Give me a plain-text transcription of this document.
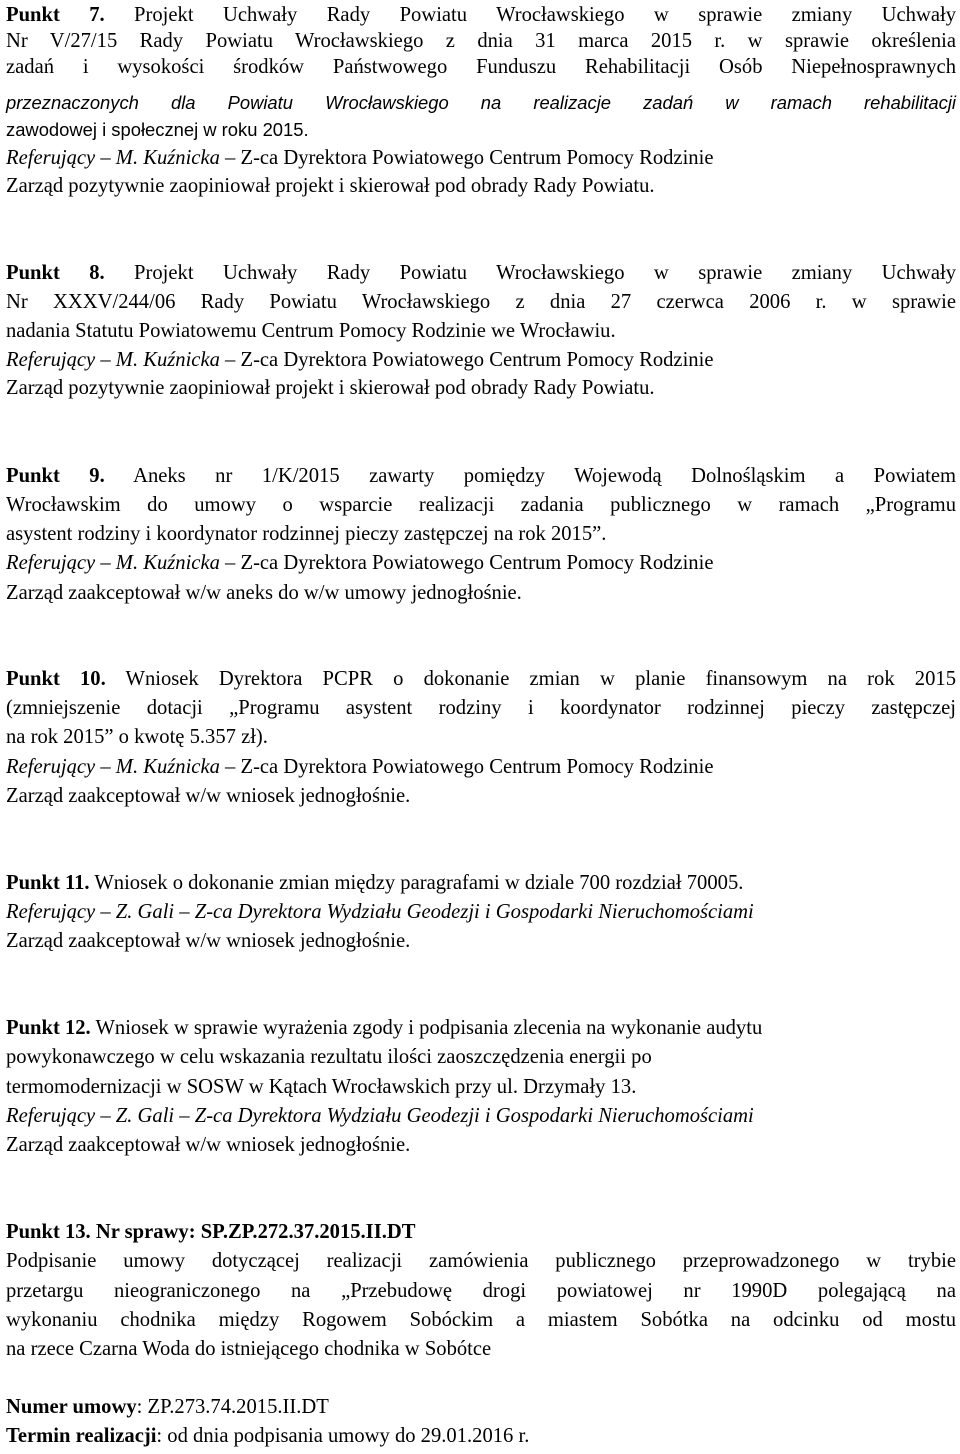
Punkt 7. Projekt Uchwały Rady Powiatu Wrocławskiego w sprawie zmiany Uchwały
Nr V/27/15 Rady Powiatu Wrocławskiego z dnia 31 marca 2015 r. w sprawie określenia
zadań i wysokości środków Państwowego Funduszu Rehabilitacji Osób Niepełnosprawnych
przeznaczonych dla Powiatu Wrocławskiego na realizacje zadań w ramach rehabilitacji
zawodowej i społecznej w roku 2015.
Referujący – M. Kuźnicka – Z-ca Dyrektora Powiatowego Centrum Pomocy Rodzinie
Zarząd pozytywnie zaopiniował projekt i skierował pod obrady Rady Powiatu.
Punkt 8. Projekt Uchwały Rady Powiatu Wrocławskiego w sprawie zmiany Uchwały
Nr XXXV/244/06 Rady Powiatu Wrocławskiego z dnia 27 czerwca 2006 r. w sprawie
nadania Statutu Powiatowemu Centrum Pomocy Rodzinie we Wrocławiu.
Referujący – M. Kuźnicka – Z-ca Dyrektora Powiatowego Centrum Pomocy Rodzinie
Zarząd pozytywnie zaopiniował projekt i skierował pod obrady Rady Powiatu.
Punkt 9. Aneks nr 1/K/2015 zawarty pomiędzy Wojewodą Dolnośląskim a Powiatem
Wrocławskim do umowy o wsparcie realizacji zadania publicznego w ramach „Programu
asystent rodziny i koordynator rodzinnej pieczy zastępczej na rok 2015”.
Referujący – M. Kuźnicka – Z-ca Dyrektora Powiatowego Centrum Pomocy Rodzinie
Zarząd zaakceptował w/w aneks do w/w umowy jednogłośnie.
Punkt 10. Wniosek Dyrektora PCPR o dokonanie zmian w planie finansowym na rok 2015
(zmniejszenie dotacji „Programu asystent rodziny i koordynator rodzinnej pieczy zastępczej
na rok 2015” o kwotę 5.357 zł).
Referujący – M. Kuźnicka – Z-ca Dyrektora Powiatowego Centrum Pomocy Rodzinie
Zarząd zaakceptował w/w wniosek jednogłośnie.
Punkt 11. Wniosek o dokonanie zmian między paragrafami w dziale 700 rozdział 70005.
Referujący – Z. Gali – Z-ca Dyrektora Wydziału Geodezji i Gospodarki Nieruchomościami
Zarząd zaakceptował w/w wniosek jednogłośnie.
Punkt 12. Wniosek w sprawie wyrażenia zgody i podpisania zlecenia na wykonanie audytu
powykonawczego w celu wskazania rezultatu ilości zaoszczędzenia energii po
termomodernizacji w SOSW w Kątach Wrocławskich przy ul. Drzymały 13.
Referujący – Z. Gali – Z-ca Dyrektora Wydziału Geodezji i Gospodarki Nieruchomościami
Zarząd zaakceptował w/w wniosek jednogłośnie.
Punkt 13. Nr sprawy: SP.ZP.272.37.2015.II.DT
Podpisanie umowy dotyczącej realizacji zamówienia publicznego przeprowadzonego w trybie
przetargu nieograniczonego na „Przebudowę drogi powiatowej nr 1990D polegającą na
wykonaniu chodnika między Rogowem Sobóckim a miastem Sobótka na odcinku od mostu
na rzece Czarna Woda do istniejącego chodnika w Sobótce
Numer umowy: ZP.273.74.2015.II.DT
Termin realizacji: od dnia podpisania umowy do 29.01.2016 r.
